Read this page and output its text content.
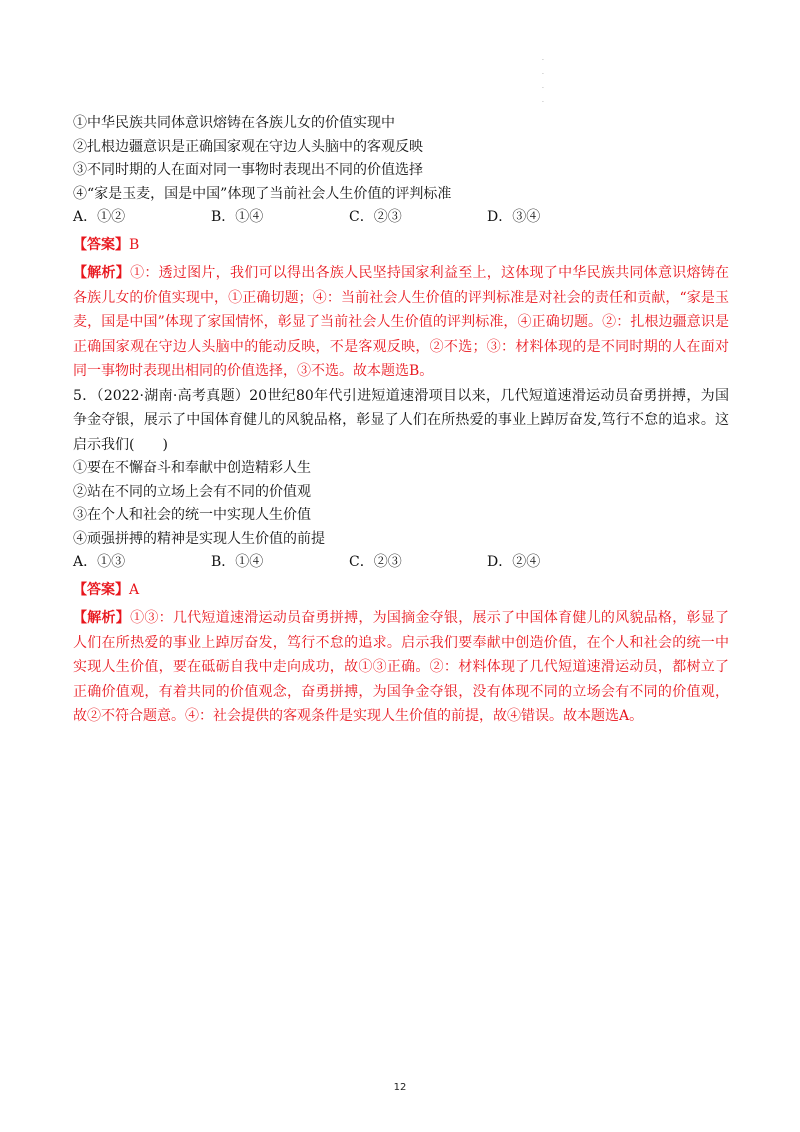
.
.
.
.
①中华民族共同体意识熔铸在各族儿女的价值实现中
②扎根边疆意识是正确国家观在守边人头脑中的客观反映
③不同时期的人在面对同一事物时表现出不同的价值选择
④“家是玉麦，国是中国”体现了当前社会人生价值的评判标准
A．①②	B．①④	C．②③	D．③④
【答案】B
【解析】①：透过图片，我们可以得出各族人民坚持国家利益至上，这体现了中华民族共同体意识熔铸在各族儿女的价值实现中，①正确切题；④：当前社会人生价值的评判标准是对社会的责任和贡献，“家是玉麦，国是中国”体现了家国情怀，彰显了当前社会人生价值的评判标准，④正确切题。②：扎根边疆意识是正确国家观在守边人头脑中的能动反映，不是客观反映，②不选；③：材料体现的是不同时期的人在面对同一事物时表现出相同的价值选择，③不选。故本题选B。
5．（2022·湖南·高考真题）20世纪80年代引进短道速滑项目以来，几代短道速滑运动员奋勇拼搏，为国争金夺银，展示了中国体育健儿的风貌品格，彰显了人们在所热爱的事业上踔厉奋发,笃行不怠的追求。这启示我们(　　)
①要在不懈奋斗和奉献中创造精彩人生
②站在不同的立场上会有不同的价值观
③在个人和社会的统一中实现人生价值
④顽强拼搏的精神是实现人生价值的前提
A．①③	B．①④	C．②③	D．②④
【答案】A
【解析】①③：几代短道速滑运动员奋勇拼搏，为国摘金夺银，展示了中国体育健儿的风貌品格，彰显了人们在所热爱的事业上踔厉奋发，笃行不怠的追求。启示我们要奉献中创造价值，在个人和社会的统一中实现人生价值，要在砥砺自我中走向成功，故①③正确。②：材料体现了几代短道速滑运动员，都树立了正确价值观，有着共同的价值观念，奋勇拼搏，为国争金夺银，没有体现不同的立场会有不同的价值观，故②不符合题意。④：社会提供的客观条件是实现人生价值的前提，故④错误。故本题选A。
12
